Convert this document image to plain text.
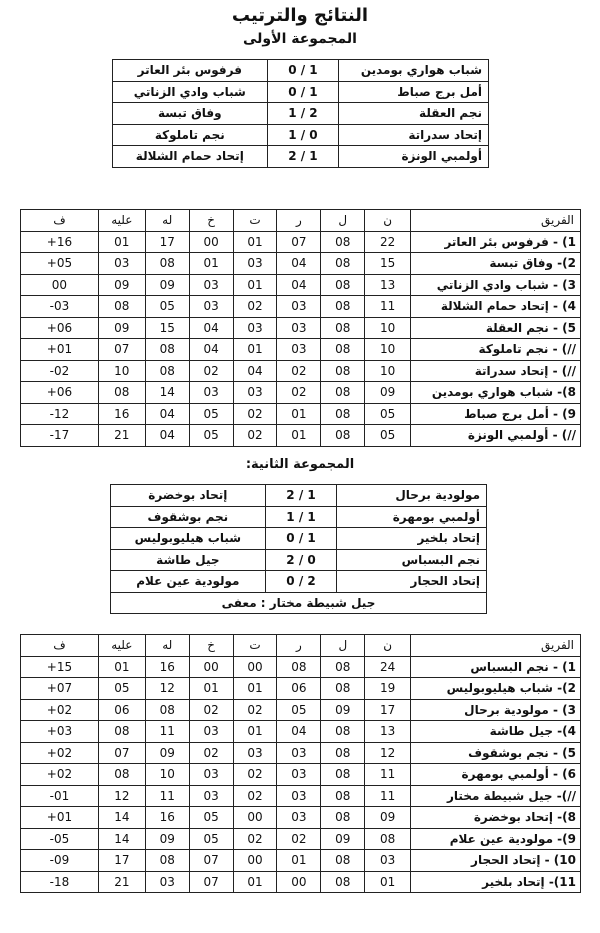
النتائج والترتيب
المجموعة الأولى
شباب هواري بومدين	1 / 0	فرفوس بئر العاتر
أمل برج صباط	1 / 0	شباب وادي الزناتي
نجم العقلة	2 / 1	وفاق تبسة
إتحاد سدراتة	0 / 1	نجم تاملوكة
أولمبي الونزة	1 / 2	إتحاد حمام الشلالة
الفريق	ن	ل	ر	ت	خ	له	عليه	ف
1) - فرفوس بئر العاتر	22	08	07	01	00	17	01	16+
2)- وفاق تبسة	15	08	04	03	01	08	03	05+
3) - شباب وادي الزناتي	13	08	04	01	03	09	09	00
4) - إتحاد حمام الشلالة	11	08	03	02	03	05	08	03-
5) - نجم العقلة	10	08	03	03	04	15	09	06+
//) - نجم تاملوكة	10	08	03	01	04	08	07	01+
//) - إتحاد سدراتة	10	08	02	04	02	08	10	02-
8)- شباب هواري بومدين	09	08	02	03	03	14	08	06+
9) - أمل برج صباط	05	08	01	02	05	04	16	12-
//) - أولمبي الونزة	05	08	01	02	05	04	21	17-
المجموعة الثانية:
مولودية برحال	1 / 2	إتحاد بوخضرة
أولمبي بومهرة	1 / 1	نجم بوشقوف
إتحاد بلخير	1 / 0	شباب هيليوبوليس
نجم البسباس	0 / 2	جيل طاشة
إتحاد الحجار	2 / 0	مولودية عين علام
جيل شبيطة مختار : معفى		
الفريق	ن	ل	ر	ت	خ	له	عليه	ف
1) - نجم البسباس	24	08	08	00	00	16	01	15+
2)- شباب هيليوبوليس	19	08	06	01	01	12	05	07+
3) - مولودية برحال	17	09	05	02	02	08	06	02+
4)- جيل طاشة	13	08	04	01	03	11	08	03+
5) - نجم بوشقوف	12	08	03	03	02	09	07	02+
6) - أولمبي بومهرة	11	08	03	02	03	10	08	02+
//)- جيل شبيطة مختار	11	08	03	02	03	11	12	01-
8)- إتحاد بوخضرة	09	08	03	00	05	16	14	01+
9)- مولودية عين علام	08	09	02	02	05	09	14	05-
10) - إتحاد الحجار	03	08	01	00	07	08	17	09-
11)- إتحاد بلخير	01	08	00	01	07	03	21	18-
